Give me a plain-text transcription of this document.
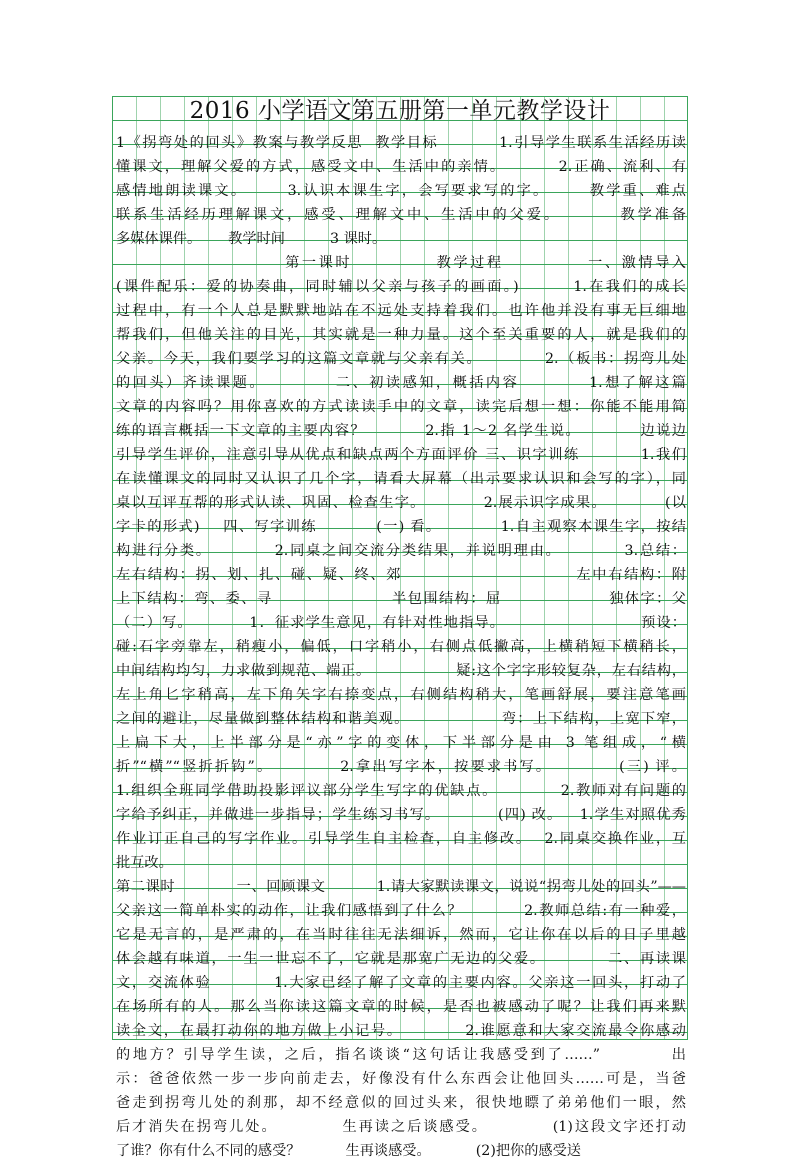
2016 小学语文第五册第一单元教学设计
1《拐弯处的回头》教案与教学反思  教学目标          1.引导学生联系生活经历读
懂课文，理解父爱的方式，感受文中、生活中的亲情。        2.正确、流利、有
感情地朗读课文。      3.认识本课生字，会写要求写的字。      教学重、难点
联系生活经历理解课文，感受、理解文中、生活中的父爱。        教学准备
多媒体课件。      教学时间          3 课时。
第一课时            教学过程            一、激情导入
(课件配乐：爱的协奏曲，同时辅以父亲与孩子的画面。)        1.在我们的成长
过程中，有一个人总是默默地站在不远处支持着我们。也许他并没有事无巨细地
帮我们，但他关注的目光，其实就是一种力量。这个至关重要的人，就是我们的
父亲。今天，我们要学习的这篇文章就与父亲有关。          2.（板书：拐弯儿处
的回头）齐读课题。          二、初读感知，概括内容          1.想了解这篇
文章的内容吗？用你喜欢的方式读读手中的文章，读完后想一想：你能不能用简
练的语言概括一下文章的主要内容？          2.指 1～2 名学生说。          边说边
引导学生评价，注意引导从优点和缺点两个方面评价 三、识字训练          1.我们
在读懂课文的同时又认识了几个字，请看大屏幕（出示要求认识和会写的字），同
桌以互评互帮的形式认读、巩固、检查生字。          2.展示识字成果。          (以
字卡的形式)    四、写字训练          (一) 看。          1.自主观察本课生字，按结
构进行分类。          2.同桌之间交流分类结果，并说明理由。          3.总结：
左右结构：拐、划、扎、碰、疑、终、郊                            左中右结构：附
上下结构：弯、委、寻                    半包围结构：屈                  独体字：父
（二）写。          1．征求学生意见，有针对性地指导。                        预设：
碰:石字旁靠左，稍瘦小，偏低，口字稍小，右侧点低撇高，上横稍短下横稍长，
中间结构均匀，力求做到规范、端正。                疑:这个字字形较复杂，左右结构，
左上角匕字稍高，左下角矢字右捺变点，右侧结构稍大，笔画舒展，要注意笔画
之间的避让，尽量做到整体结构和谐美观。                弯：上下结构，上宽下窄，
上扁下大，上半部分是“亦”字的变体，下半部分是由 3 笔组成，“横
折”“横”“竖折折钩”。          2.拿出写字本，按要求书写。          (三) 评。
1.组织全班同学借助投影评议部分学生写字的优缺点。          2.教师对有问题的
字给予纠正，并做进一步指导；学生练习书写。          (四) 改。   1.学生对照优秀
作业订正自己的写字作业。引导学生自主检查，自主修改。  2.同桌交换作业，互
批互改。
第二课时            一、回顾课文          1.请大家默读课文，说说“拐弯儿处的回头”——
父亲这一简单朴实的动作，让我们感悟到了什么？          2.教师总结:有一种爱，
它是无言的，是严肃的，在当时往往无法细诉，然而，它让你在以后的日子里越
体会越有味道，一生一世忘不了，它就是那宽广无边的父爱。          二、再读课
文，交流体验          1.大家已经了解了文章的主要内容。父亲这一回头，打动了
在场所有的人。那么当你读这篇文章的时候，是否也被感动了呢？让我们再来默
读全文，在最打动你的地方做上小记号。          2.谁愿意和大家交流最令你感动
的地方？引导学生读，之后，指名谈谈“这句话让我感受到了……”          出
示：爸爸依然一步一步向前走去，好像没有什么东西会让他回头……可是，当爸
爸走到拐弯儿处的刹那，却不经意似的回过头来，很快地瞟了弟弟他们一眼，然
后才消失在拐弯儿处。          生再读之后谈感受。          (1)这段文字还打动
了谁？你有什么不同的感受？          生再谈感受。          (2)把你的感受送
